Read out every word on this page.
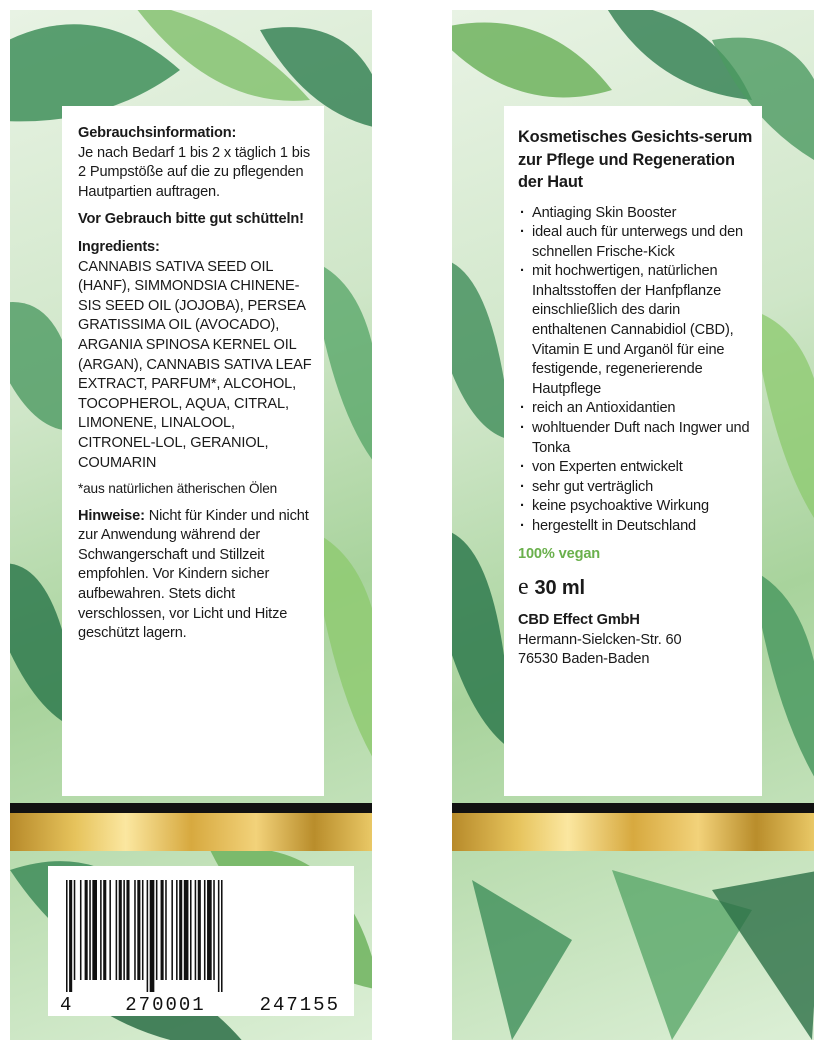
Gebrauchsinformation:
Je nach Bedarf 1 bis 2 x täglich 1 bis 2 Pumpstöße auf die zu pflegenden Hautpartien auftragen.
Vor Gebrauch bitte gut schütteln!
Ingredients:
CANNABIS SATIVA SEED OIL (HANF), SIMMONDSIA CHINENE-SIS SEED OIL (JOJOBA), PERSEA GRATISSIMA OIL (AVOCADO), ARGANIA SPINOSA KERNEL OIL (ARGAN), CANNABIS SATIVA LEAF EXTRACT, PARFUM*, ALCOHOL, TOCOPHEROL, AQUA, CITRAL, LIMONENE, LINALOOL, CITRONEL-LOL, GERANIOL, COUMARIN
*aus natürlichen ätherischen Ölen
Hinweise: Nicht für Kinder und nicht zur Anwendung während der Schwangerschaft und Stillzeit empfohlen. Vor Kindern sicher aufbewahren. Stets dicht verschlossen, vor Licht und Hitze geschützt lagern.
4	270001	247155
Kosmetisches Gesichts-serum zur Pflege und Regeneration der Haut
· Antiaging Skin Booster
· ideal auch für unterwegs und den schnellen Frische-Kick
· mit hochwertigen, natürlichen Inhaltsstoffen der Hanfpflanze einschließlich des darin enthaltenen Cannabidiol (CBD), Vitamin E und Arganöl für eine festigende, regenerierende Hautpflege
· reich an Antioxidantien
· wohltuender Duft nach Ingwer und Tonka
· von Experten entwickelt
· sehr gut verträglich
· keine psychoaktive Wirkung
· hergestellt in Deutschland
100% vegan
e 30 ml
CBD Effect GmbH
Hermann-Sielcken-Str. 60
76530 Baden-Baden
